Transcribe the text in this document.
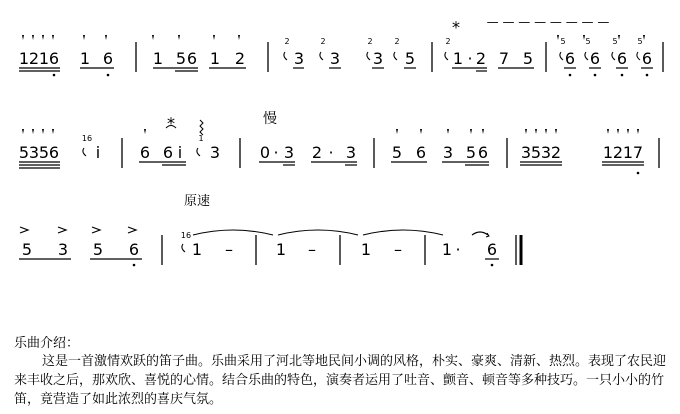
⁎ — — — — — — — —
2	2	2	2	2	5 5	5 5
1 2 1 6 1 6 1 5 6 1 2	3 3 3 5 1 · 2 7 5 6 6 6 6
慢
⁎
16	1
5 3 5 6 i 6 6 i 3 0 · 3 2 · 3 5 6 3 5 6 3 5 3 2	1 2 1 7
原速
16
5 3 5 6	1 –	1 –	1 – 1 · 6
乐曲介绍：
这是一首激情欢跃的笛子曲。乐曲采用了河北等地民间小调的风格，朴实、豪爽、清新、热烈。表现了农民迎来丰收之后，那欢欣、喜悦的心情。结合乐曲的特色，演奏者运用了吐音、颤音、顿音等多种技巧。一只小小的竹笛，竟营造了如此浓烈的喜庆气氛。
